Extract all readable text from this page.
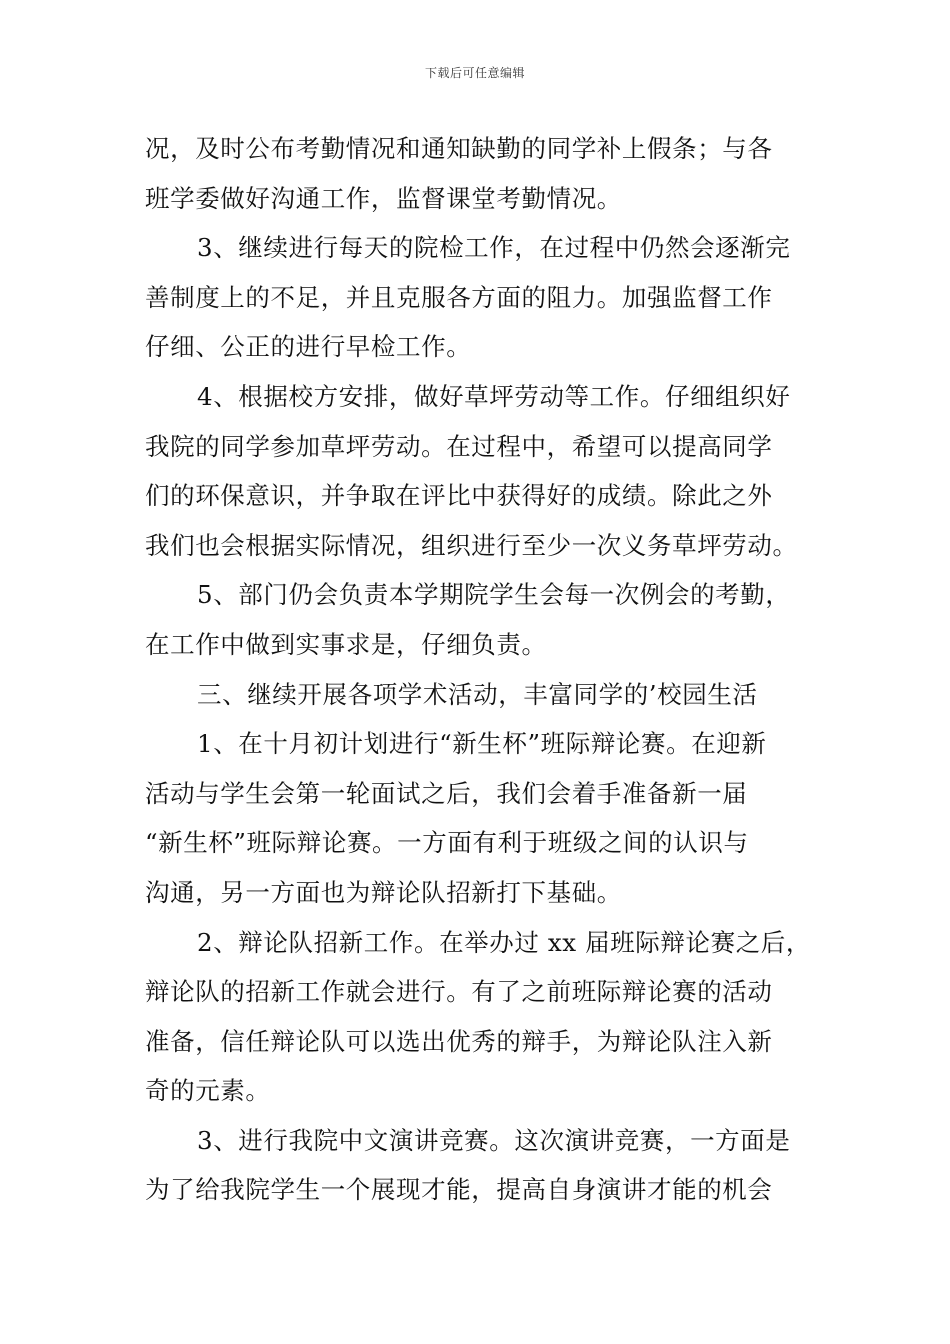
下载后可任意编辑
况，及时公布考勤情况和通知缺勤的同学补上假条；与各
班学委做好沟通工作，监督课堂考勤情况。
3、继续进行每天的院检工作，在过程中仍然会逐渐完
善制度上的不足，并且克服各方面的阻力。加强监督工作
仔细、公正的进行早检工作。
4、根据校方安排，做好草坪劳动等工作。仔细组织好
我院的同学参加草坪劳动。在过程中，希望可以提高同学
们的环保意识，并争取在评比中获得好的成绩。除此之外
我们也会根据实际情况，组织进行至少一次义务草坪劳动。
5、部门仍会负责本学期院学生会每一次例会的考勤，
在工作中做到实事求是，仔细负责。
三、继续开展各项学术活动，丰富同学的’校园生活
1、在十月初计划进行“新生杯”班际辩论赛。在迎新
活动与学生会第一轮面试之后，我们会着手准备新一届
“新生杯”班际辩论赛。一方面有利于班级之间的认识与
沟通，另一方面也为辩论队招新打下基础。
2、辩论队招新工作。在举办过 xx 届班际辩论赛之后，
辩论队的招新工作就会进行。有了之前班际辩论赛的活动
准备，信任辩论队可以选出优秀的辩手，为辩论队注入新
奇的元素。
3、进行我院中文演讲竞赛。这次演讲竞赛，一方面是
为了给我院学生一个展现才能，提高自身演讲才能的机会
